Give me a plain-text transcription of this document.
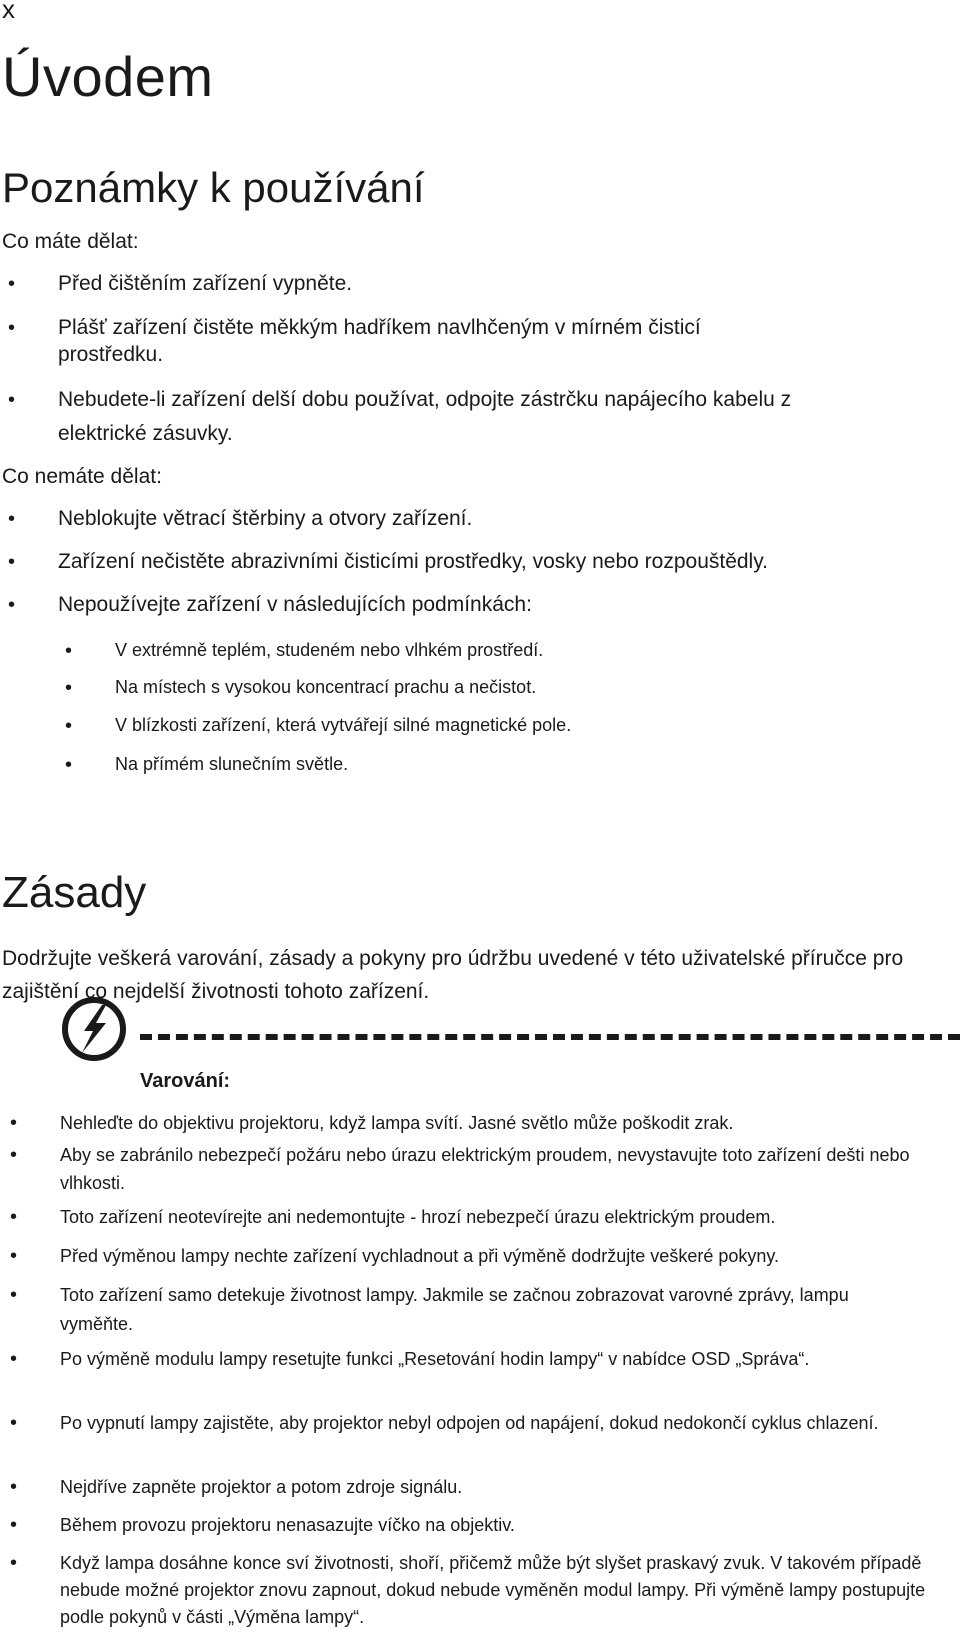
x
Úvodem
Poznámky k používání
Co máte dělat:
•
Před čištěním zařízení vypněte.
•
Plášť zařízení čistěte měkkým hadříkem navlhčeným v mírném čisticí
prostředku.
•
Nebudete-li zařízení delší dobu používat, odpojte zástrčku napájecího kabelu z
elektrické zásuvky.
Co nemáte dělat:
•
Neblokujte větrací štěrbiny a otvory zařízení.
•
Zařízení nečistěte abrazivními čisticími prostředky, vosky nebo rozpouštědly.
•
Nepoužívejte zařízení v následujících podmínkách:
•
V extrémně teplém, studeném nebo vlhkém prostředí.
•
Na místech s vysokou koncentrací prachu a nečistot.
•
V blízkosti zařízení, která vytvářejí silné magnetické pole.
•
Na přímém slunečním světle.
Zásady
Dodržujte veškerá varování, zásady a pokyny pro údržbu uvedené v této uživatelské příručce pro zajištění co nejdelší životnosti tohoto zařízení.
Varování:
•
Nehleďte do objektivu projektoru, když lampa svítí. Jasné světlo může poškodit zrak.
•
Aby se zabránilo nebezpečí požáru nebo úrazu elektrickým proudem, nevystavujte toto zařízení dešti nebo vlhkosti.
•
Toto zařízení neotevírejte ani nedemontujte - hrozí nebezpečí úrazu elektrickým proudem.
•
Před výměnou lampy nechte zařízení vychladnout a při výměně dodržujte veškeré pokyny.
•
Toto zařízení samo detekuje životnost lampy. Jakmile se začnou zobrazovat varovné zprávy, lampu vyměňte.
•
Po výměně modulu lampy resetujte funkci „Resetování hodin lampy“ v nabídce OSD „Správa“.
•
Po vypnutí lampy zajistěte, aby projektor nebyl odpojen od napájení, dokud nedokončí cyklus chlazení.
•
Nejdříve zapněte projektor a potom zdroje signálu.
•
Během provozu projektoru nenasazujte víčko na objektiv.
•
Když lampa dosáhne konce sví životnosti, shoří, přičemž může být slyšet praskavý zvuk. V takovém případě nebude možné projektor znovu zapnout, dokud nebude vyměněn modul lampy. Při výměně lampy postupujte podle pokynů v části „Výměna lampy“.
